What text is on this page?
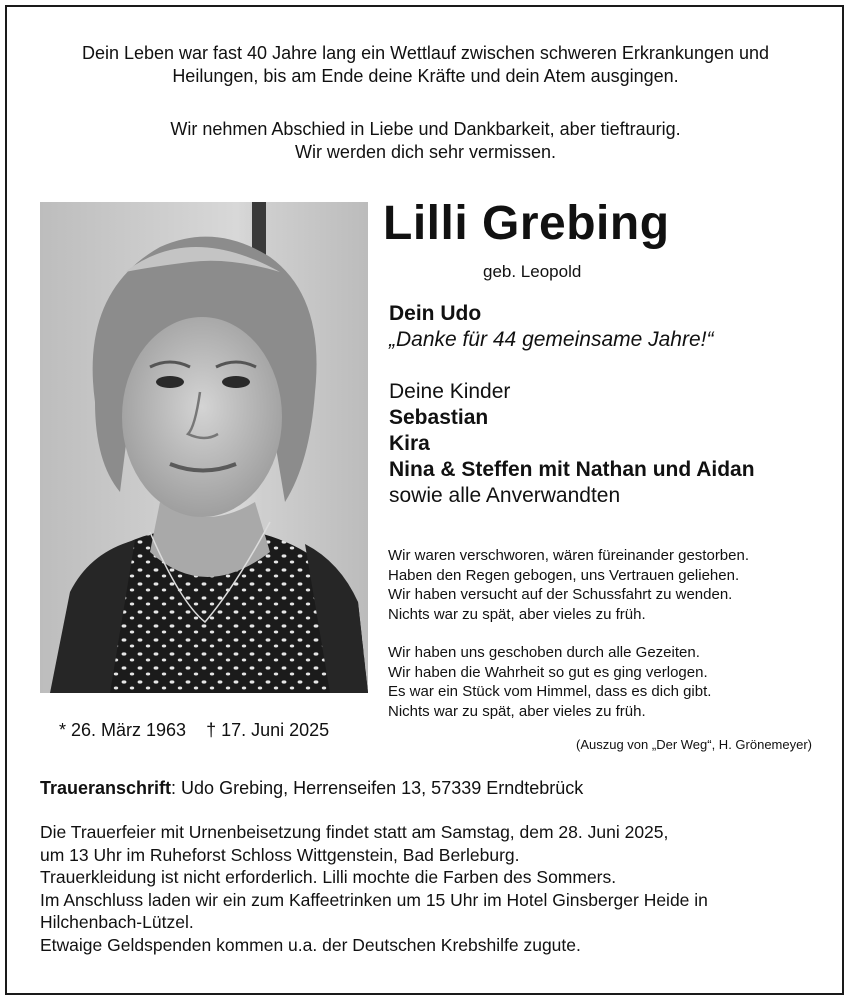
Dein Leben war fast 40 Jahre lang ein Wettlauf zwischen schweren Erkrankungen und
Heilungen, bis am Ende deine Kräfte und dein Atem ausgingen.
Wir nehmen Abschied in Liebe und Dankbarkeit, aber tieftraurig.
Wir werden dich sehr vermissen.
Lilli Grebing
geb. Leopold
Dein Udo
„Danke für 44 gemeinsame Jahre!“
Deine Kinder
Sebastian
Kira
Nina & Steffen mit Nathan und Aidan
sowie alle Anverwandten
Wir waren verschworen, wären füreinander gestorben.
Haben den Regen gebogen, uns Vertrauen geliehen.
Wir haben versucht auf der Schussfahrt zu wenden.
Nichts war zu spät, aber vieles zu früh.
Wir haben uns geschoben durch alle Gezeiten.
Wir haben die Wahrheit so gut es ging verlogen.
Es war ein Stück vom Himmel, dass es dich gibt.
Nichts war zu spät, aber vieles zu früh.
(Auszug von „Der Weg“, H. Grönemeyer)
* 26. März 1963 † 17. Juni 2025
Traueranschrift: Udo Grebing, Herrenseifen 13, 57339 Erndtebrück
Die Trauerfeier mit Urnenbeisetzung findet statt am Samstag, dem 28. Juni 2025,
um 13 Uhr im Ruheforst Schloss Wittgenstein, Bad Berleburg.
Trauerkleidung ist nicht erforderlich. Lilli mochte die Farben des Sommers.
Im Anschluss laden wir ein zum Kaffeetrinken um 15 Uhr im Hotel Ginsberger Heide in
Hilchenbach-Lützel.
Etwaige Geldspenden kommen u.a. der Deutschen Krebshilfe zugute.
